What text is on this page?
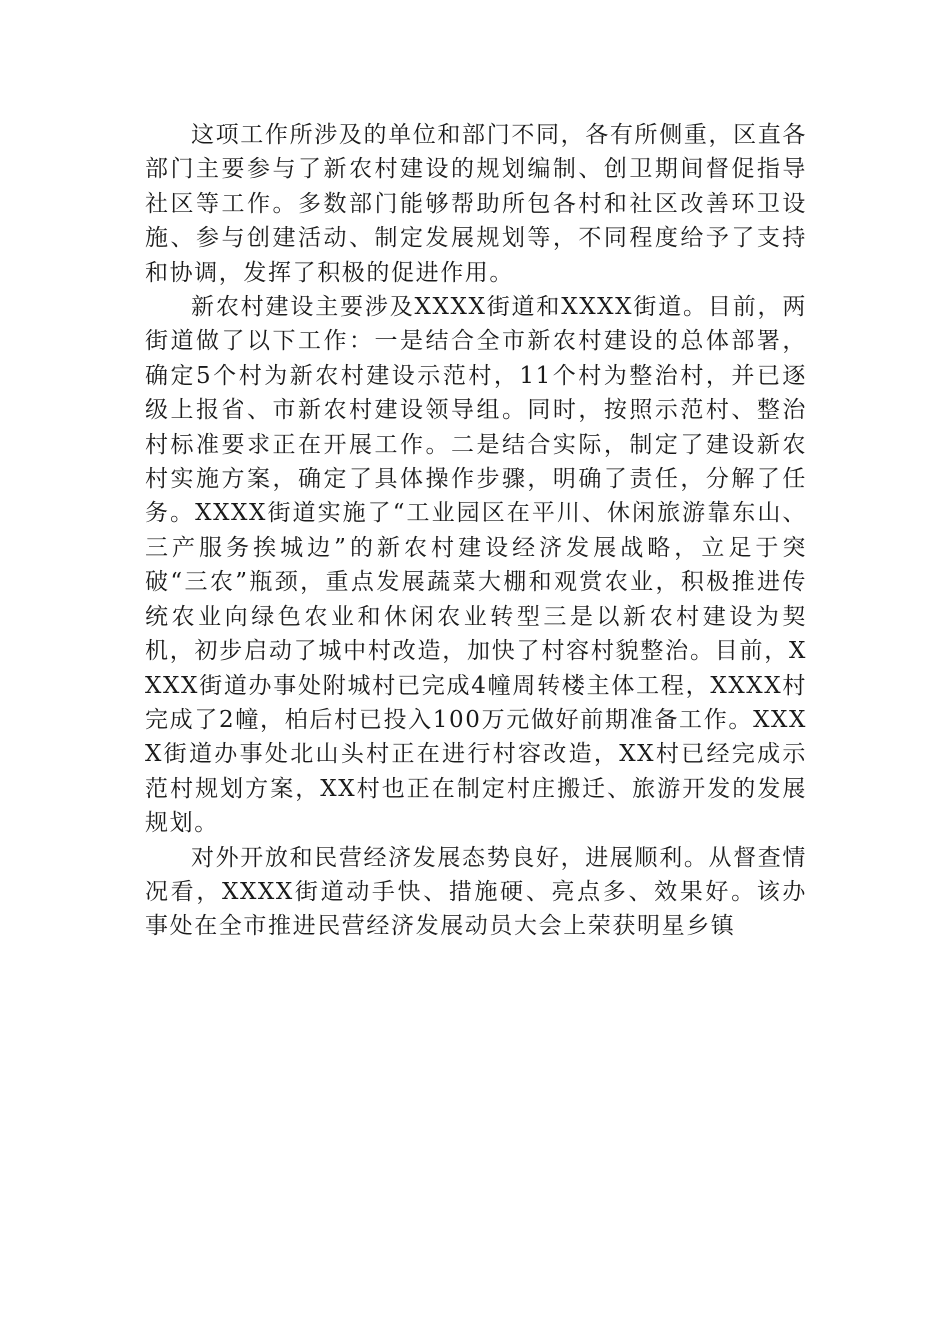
这项工作所涉及的单位和部门不同，各有所侧重，区直各部门主要参与了新农村建设的规划编制、创卫期间督促指导社区等工作。多数部门能够帮助所包各村和社区改善环卫设施、参与创建活动、制定发展规划等，不同程度给予了支持和协调，发挥了积极的促进作用。

新农村建设主要涉及XXXX街道和XXXX街道。目前，两街道做了以下工作：一是结合全市新农村建设的总体部署，确定5个村为新农村建设示范村，11个村为整治村，并已逐级上报省、市新农村建设领导组。同时，按照示范村、整治村标准要求正在开展工作。二是结合实际，制定了建设新农村实施方案，确定了具体操作步骤，明确了责任，分解了任务。XXXX街道实施了“工业园区在平川、休闲旅游靠东山、三产服务挨城边”的新农村建设经济发展战略，立足于突破“三农”瓶颈，重点发展蔬菜大棚和观赏农业，积极推进传统农业向绿色农业和休闲农业转型三是以新农村建设为契机，初步启动了城中村改造，加快了村容村貌整治。目前，XXXX街道办事处附城村已完成4幢周转楼主体工程，XXXX村完成了2幢，柏后村已投入100万元做好前期准备工作。XXXX街道办事处北山头村正在进行村容改造，XX村已经完成示范村规划方案，XX村也正在制定村庄搬迁、旅游开发的发展规划。

对外开放和民营经济发展态势良好，进展顺利。从督查情况看，XXXX街道动手快、措施硬、亮点多、效果好。该办事处在全市推进民营经济发展动员大会上荣获明星乡镇
